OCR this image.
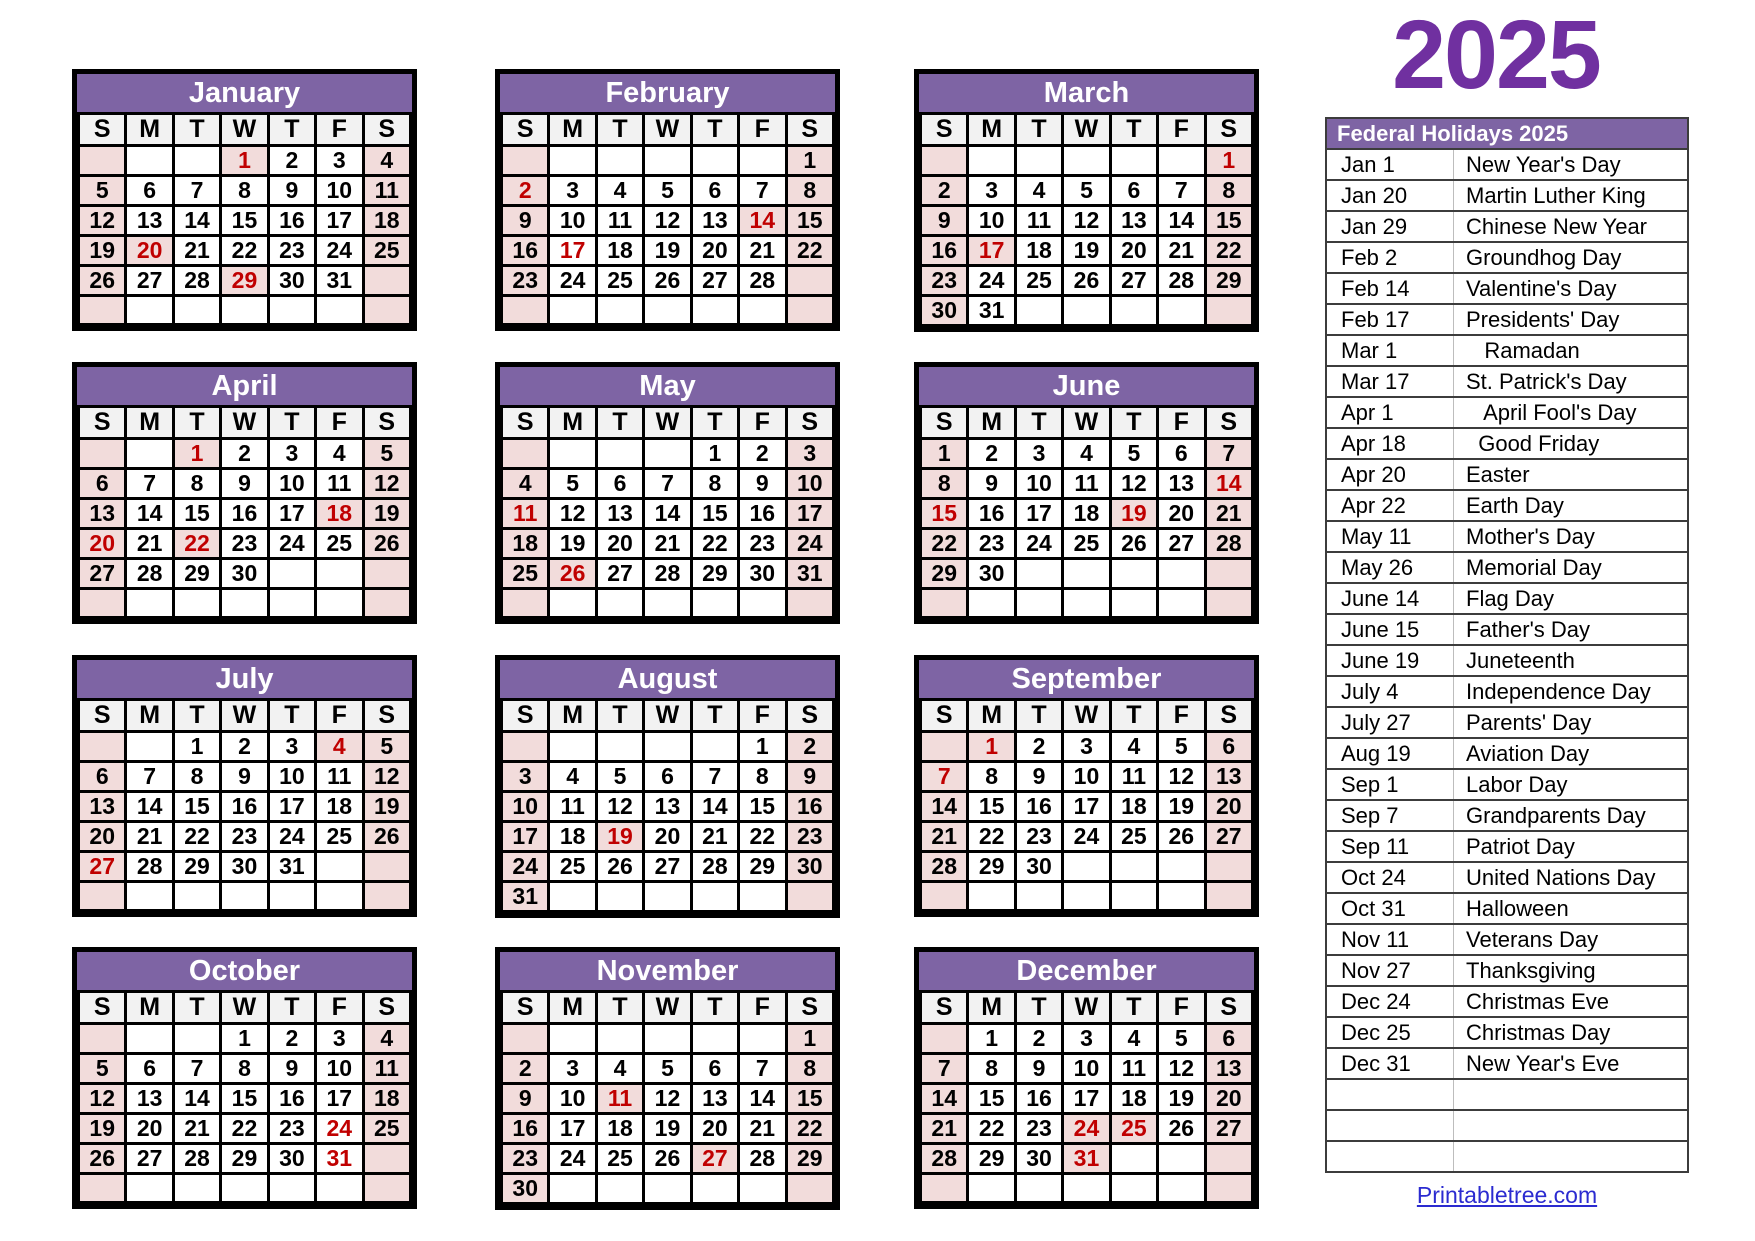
2025
January
S	M	T	W	T	F	S
			1	2	3	4
5	6	7	8	9	10	11
12	13	14	15	16	17	18
19	20	21	22	23	24	25
26	27	28	29	30	31	

February
S	M	T	W	T	F	S
						1
2	3	4	5	6	7	8
9	10	11	12	13	14	15
16	17	18	19	20	21	22
23	24	25	26	27	28	

March
S	M	T	W	T	F	S
						1
2	3	4	5	6	7	8
9	10	11	12	13	14	15
16	17	18	19	20	21	22
23	24	25	26	27	28	29
30	31					
April
S	M	T	W	T	F	S
		1	2	3	4	5
6	7	8	9	10	11	12
13	14	15	16	17	18	19
20	21	22	23	24	25	26
27	28	29	30			

May
S	M	T	W	T	F	S
				1	2	3
4	5	6	7	8	9	10
11	12	13	14	15	16	17
18	19	20	21	22	23	24
25	26	27	28	29	30	31

June
S	M	T	W	T	F	S
1	2	3	4	5	6	7
8	9	10	11	12	13	14
15	16	17	18	19	20	21
22	23	24	25	26	27	28
29	30					

July
S	M	T	W	T	F	S
		1	2	3	4	5
6	7	8	9	10	11	12
13	14	15	16	17	18	19
20	21	22	23	24	25	26
27	28	29	30	31		

August
S	M	T	W	T	F	S
					1	2
3	4	5	6	7	8	9
10	11	12	13	14	15	16
17	18	19	20	21	22	23
24	25	26	27	28	29	30
31						
September
S	M	T	W	T	F	S
	1	2	3	4	5	6
7	8	9	10	11	12	13
14	15	16	17	18	19	20
21	22	23	24	25	26	27
28	29	30				

October
S	M	T	W	T	F	S
			1	2	3	4
5	6	7	8	9	10	11
12	13	14	15	16	17	18
19	20	21	22	23	24	25
26	27	28	29	30	31	

November
S	M	T	W	T	F	S
						1
2	3	4	5	6	7	8
9	10	11	12	13	14	15
16	17	18	19	20	21	22
23	24	25	26	27	28	29
30						
December
S	M	T	W	T	F	S
	1	2	3	4	5	6
7	8	9	10	11	12	13
14	15	16	17	18	19	20
21	22	23	24	25	26	27
28	29	30	31			

Federal Holidays 2025
Jan 1	New Year's Day
Jan 20	Martin Luther King
Jan 29	Chinese New Year
Feb 2	Groundhog Day
Feb 14	Valentine's Day
Feb 17	Presidents' Day
Mar 1	Ramadan
Mar 17	St. Patrick's Day
Apr 1	April Fool's Day
Apr 18	Good Friday
Apr 20	Easter
Apr 22	Earth Day
May 11	Mother's Day
May 26	Memorial Day
June 14	Flag Day
June 15	Father's Day
June 19	Juneteenth
July 4	Independence Day
July 27	Parents' Day
Aug 19	Aviation Day
Sep 1	Labor Day
Sep 7	Grandparents Day
Sep 11	Patriot Day
Oct 24	United Nations Day
Oct 31	Halloween
Nov 11	Veterans Day
Nov 27	Thanksgiving
Dec 24	Christmas Eve
Dec 25	Christmas Day
Dec 31	New Year's Eve

Printabletree.com
